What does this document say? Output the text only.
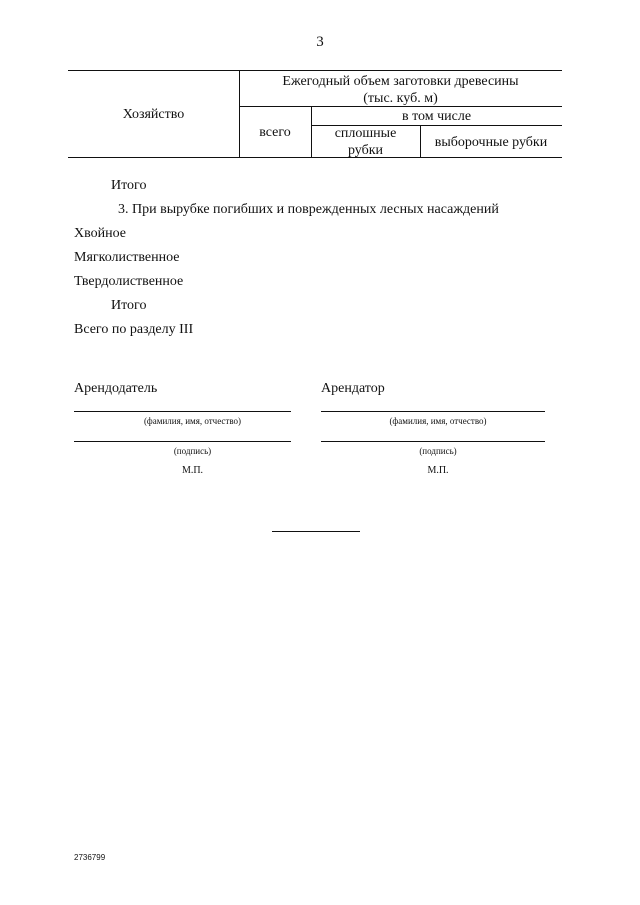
3
Хозяйство
Ежегодный объем заготовки древесины
(тыс. куб. м)
всего
в том числе
сплошные
рубки
выборочные рубки
Итого
3. При вырубке погибших и поврежденных лесных насаждений
Хвойное
Мягколиственное
Твердолиственное
Итого
Всего по разделу III
Арендодатель
(фамилия, имя, отчество)
(подпись)
М.П.
Арендатор
(фамилия, имя, отчество)
(подпись)
М.П.
2736799
